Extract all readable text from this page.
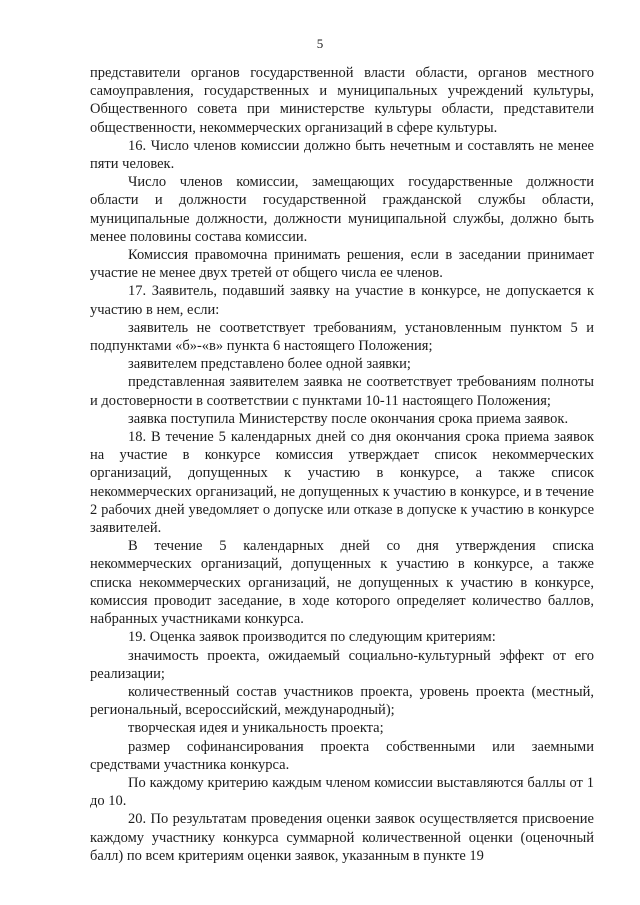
5

представители органов государственной власти области, органов местного самоуправления, государственных и муниципальных учреждений культуры, Общественного совета при министерстве культуры области, представители общественности, некоммерческих организаций в сфере культуры.

16. Число членов комиссии должно быть нечетным и составлять не менее пяти человек.

Число членов комиссии, замещающих государственные должности области и должности государственной гражданской службы области, муниципальные должности, должности муниципальной службы, должно быть менее половины состава комиссии.

Комиссия правомочна принимать решения, если в заседании принимает участие не менее двух третей от общего числа ее членов.

17. Заявитель, подавший заявку на участие в конкурсе, не допускается к участию в нем, если:

заявитель не соответствует требованиям, установленным пунктом 5 и подпунктами «б»-«в» пункта 6 настоящего Положения;

заявителем представлено более одной заявки;

представленная заявителем заявка не соответствует требованиям полноты и достоверности в соответствии с пунктами 10-11 настоящего Положения;

заявка поступила Министерству после окончания срока приема заявок.

18. В течение 5 календарных дней со дня окончания срока приема заявок на участие в конкурсе комиссия утверждает список некоммерческих организаций, допущенных к участию в конкурсе, а также список некоммерческих организаций, не допущенных к участию в конкурсе, и в течение 2 рабочих дней уведомляет о допуске или отказе в допуске к участию в конкурсе заявителей.

В течение 5 календарных дней со дня утверждения списка некоммерческих организаций, допущенных к участию в конкурсе, а также списка некоммерческих организаций, не допущенных к участию в конкурсе, комиссия проводит заседание, в ходе которого определяет количество баллов, набранных участниками конкурса.

19. Оценка заявок производится по следующим критериям:

значимость проекта, ожидаемый социально-культурный эффект от его реализации;

количественный состав участников проекта, уровень проекта (местный, региональный, всероссийский, международный);

творческая идея и уникальность проекта;

размер софинансирования проекта собственными или заемными средствами участника конкурса.

По каждому критерию каждым членом комиссии выставляются баллы от 1 до 10.

20. По результатам проведения оценки заявок осуществляется присвоение каждому участнику конкурса суммарной количественной оценки (оценочный балл) по всем критериям оценки заявок, указанным в пункте 19
